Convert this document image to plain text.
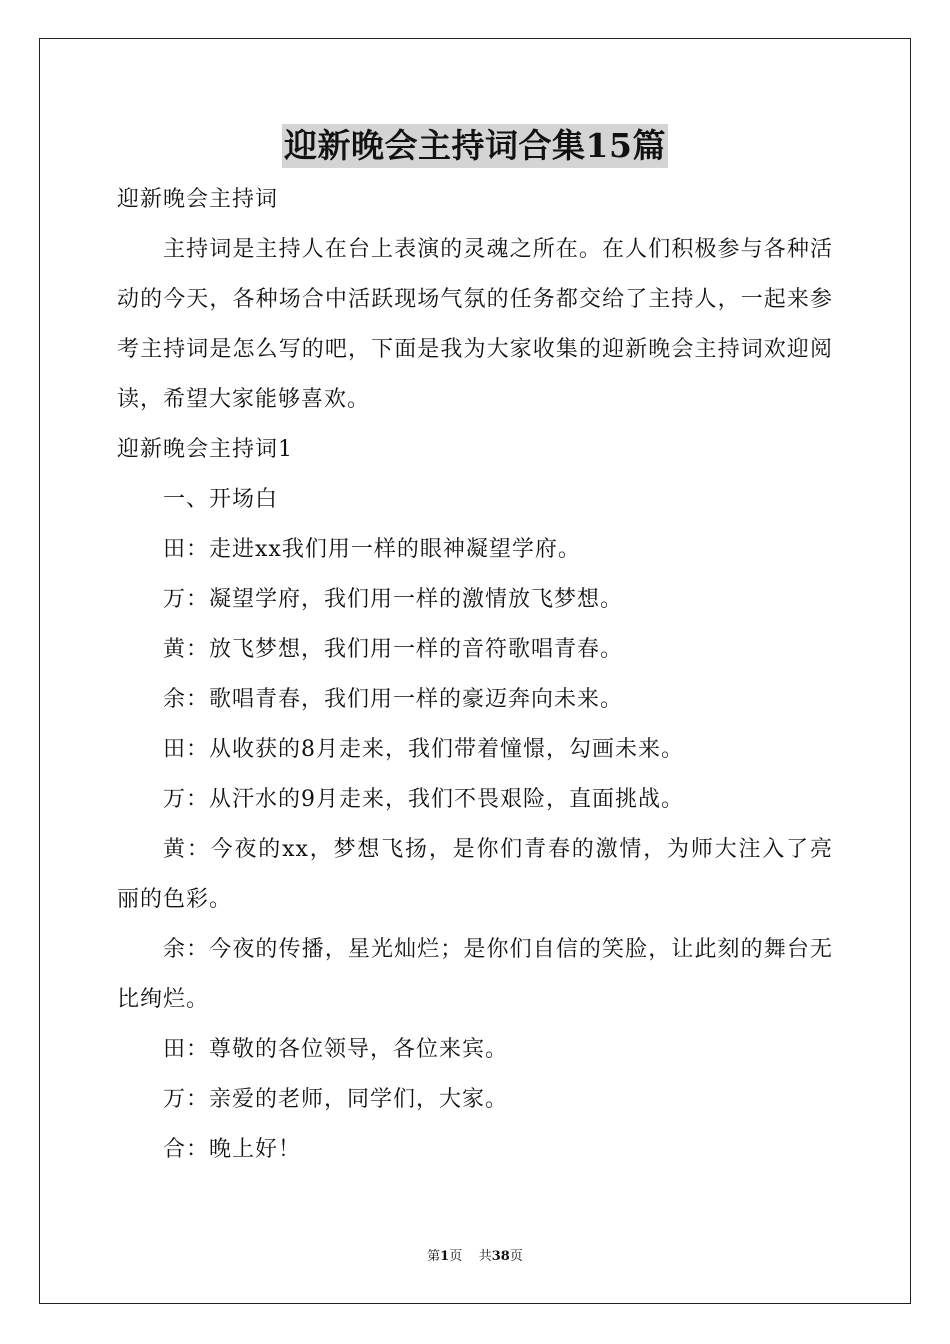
迎新晚会主持词合集15篇

迎新晚会主持词

主持词是主持人在台上表演的灵魂之所在。在人们积极参与各种活动的今天，各种场合中活跃现场气氛的任务都交给了主持人，一起来参考主持词是怎么写的吧，下面是我为大家收集的迎新晚会主持词欢迎阅读，希望大家能够喜欢。

迎新晚会主持词1

一、开场白

田：走进xx我们用一样的眼神凝望学府。

万：凝望学府，我们用一样的激情放飞梦想。

黄：放飞梦想，我们用一样的音符歌唱青春。

余：歌唱青春，我们用一样的豪迈奔向未来。

田：从收获的8月走来，我们带着憧憬，勾画未来。

万：从汗水的9月走来，我们不畏艰险，直面挑战。

黄：今夜的xx，梦想飞扬，是你们青春的激情，为师大注入了亮丽的色彩。

余：今夜的传播，星光灿烂；是你们自信的笑脸，让此刻的舞台无比绚烂。

田：尊敬的各位领导，各位来宾。

万：亲爱的老师，同学们，大家。

合：晚上好！

第1页 共38页
